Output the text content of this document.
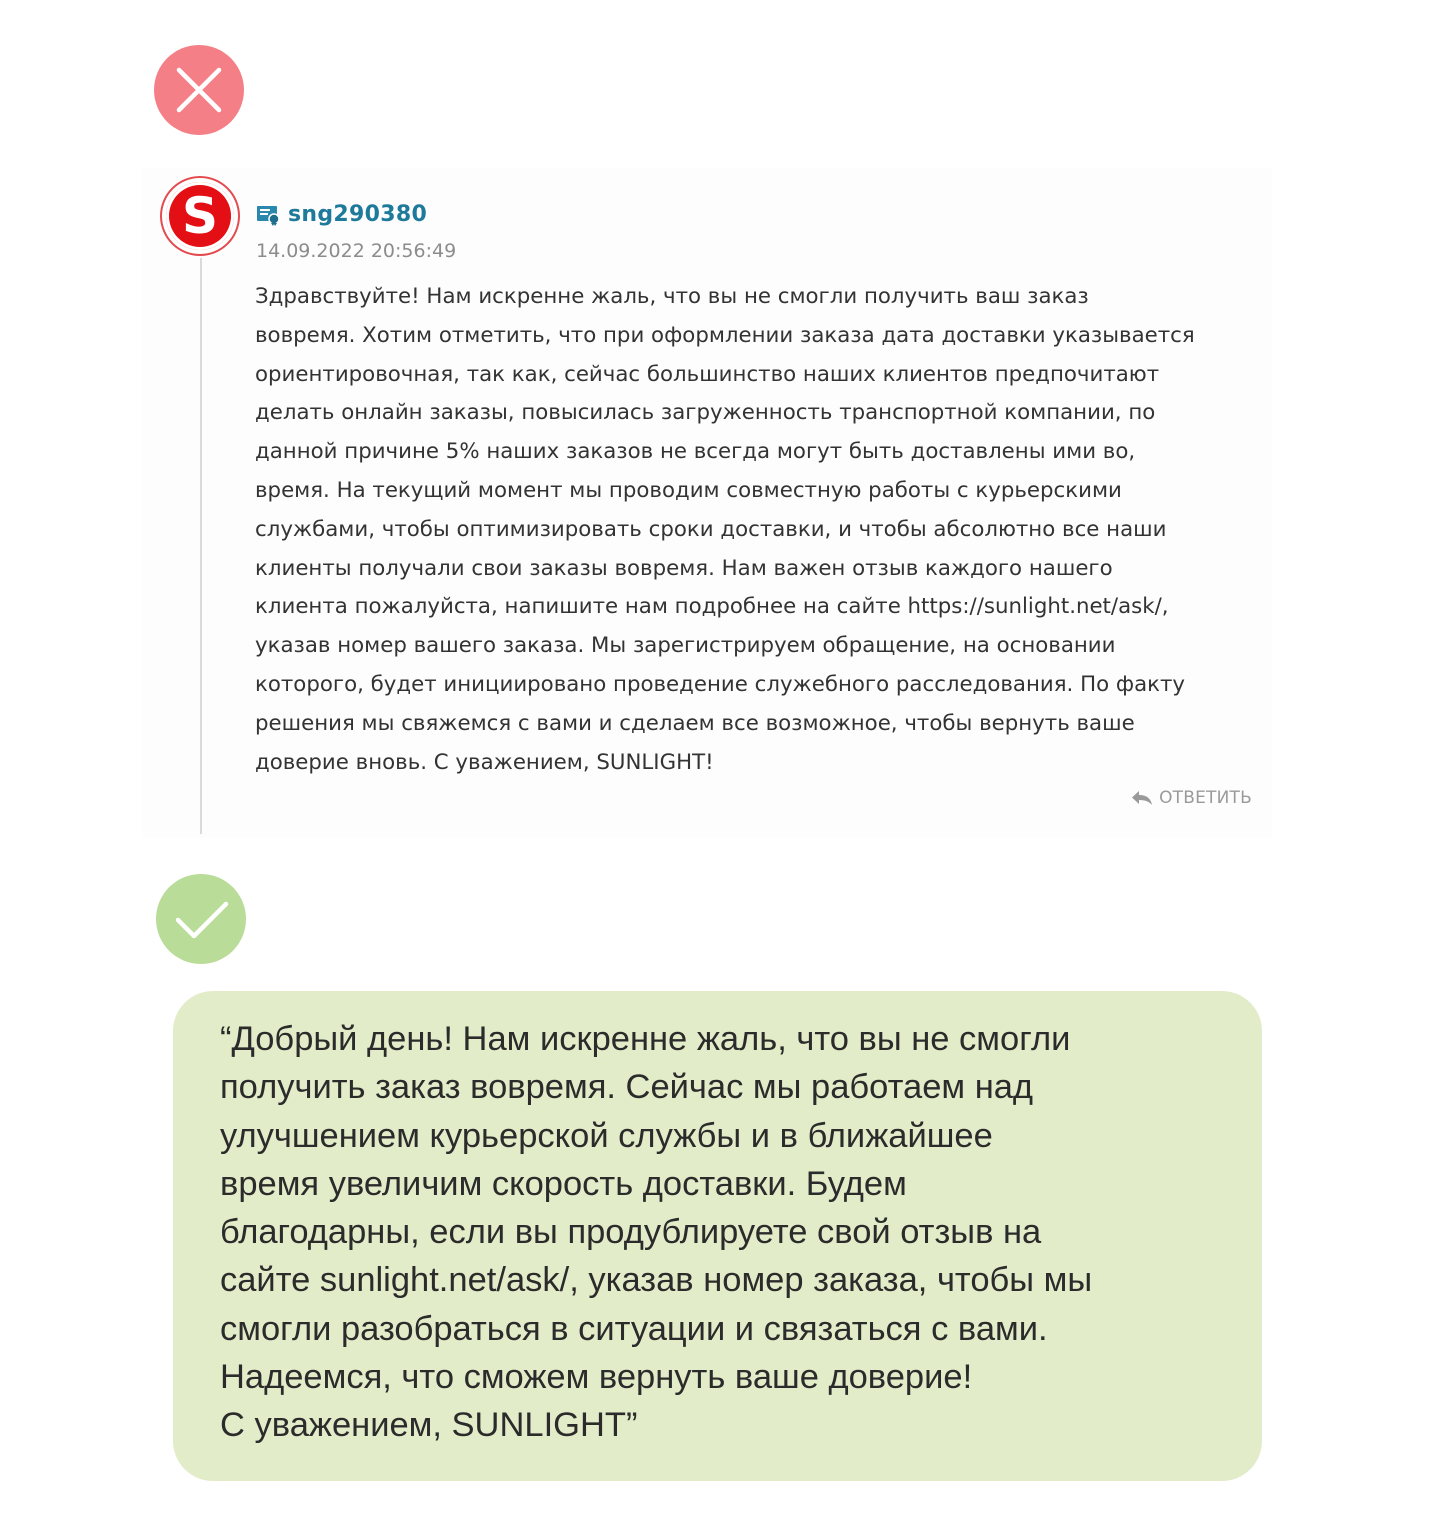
S	sng290380
14.09.2022 20:56:49
Здравствуйте! Нам искренне жаль, что вы не смогли получить ваш заказ
вовремя. Хотим отметить, что при оформлении заказа дата доставки указывается
ориентировочная, так как, сейчас большинство наших клиентов предпочитают
делать онлайн заказы, повысилась загруженность транспортной компании, по
данной причине 5% наших заказов не всегда могут быть доставлены ими во,
время. На текущий момент мы проводим совместную работы с курьерскими
службами, чтобы оптимизировать сроки доставки, и чтобы абсолютно все наши
клиенты получали свои заказы вовремя. Нам важен отзыв каждого нашего
клиента пожалуйста, напишите нам подробнее на сайте https://sunlight.net/ask/,
указав номер вашего заказа. Мы зарегистрируем обращение, на основании
которого, будет инициировано проведение служебного расследования. По факту
решения мы свяжемся с вами и сделаем все возможное, чтобы вернуть ваше
доверие вновь. С уважением, SUNLIGHT!
ОТВЕТИТЬ
“Добрый день! Нам искренне жаль, что вы не смогли
получить заказ вовремя. Сейчас мы работаем над
улучшением курьерской службы и в ближайшее
время увеличим скорость доставки. Будем
благодарны, если вы продублируете свой отзыв на
сайте sunlight.net/ask/, указав номер заказа, чтобы мы
смогли разобраться в ситуации и связаться с вами.
Надеемся, что сможем вернуть ваше доверие!
С уважением, SUNLIGHT”
